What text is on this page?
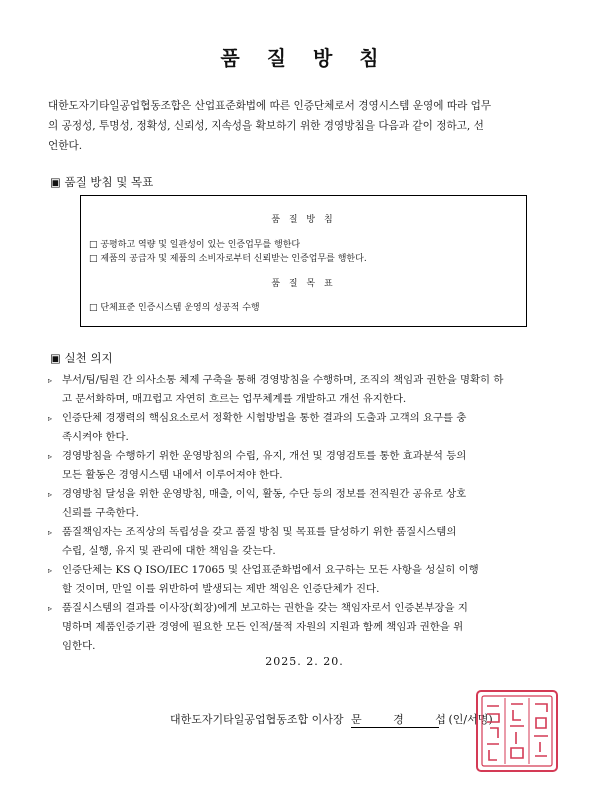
품 질 방 침
대한도자기타일공업협동조합은 산업표준화법에 따른 인증단체로서 경영시스템 운영에 따라 업무
의 공정성, 투명성, 정확성, 신뢰성, 지속성을 확보하기 위한 경영방침을 다음과 같이 정하고, 선
언한다.
▣ 품질 방침 및 목표
품 질 방 침
□ 공평하고 역량 및 일관성이 있는 인증업무를 행한다
□ 제품의 공급자 및 제품의 소비자로부터 신뢰받는 인증업무를 행한다.
품 질 목 표
□ 단체표준 인증시스템 운영의 성공적 수행
▣ 실천 의지
▹ 부서/팀/팀원 간 의사소통 체제 구축을 통해 경영방침을 수행하며, 조직의 책임과 권한을 명확히 하
고 문서화하며, 매끄럽고 자연히 흐르는 업무체계를 개발하고 개선 유지한다.
▹ 인증단체 경쟁력의 핵심요소로서 정확한 시험방법을 통한 결과의 도출과 고객의 요구를 충
족시켜야 한다.
▹ 경영방침을 수행하기 위한 운영방침의 수립, 유지, 개선 및 경영검토를 통한 효과분석 등의
모든 활동은 경영시스템 내에서 이루어져야 한다.
▹ 경영방침 달성을 위한 운영방침, 매출, 이익, 활동, 수단 등의 정보를 전직원간 공유로 상호
신뢰를 구축한다.
▹ 품질책임자는 조직상의 독립성을 갖고 품질 방침 및 목표를 달성하기 위한 품질시스템의
수립, 실행, 유지 및 관리에 대한 책임을 갖는다.
▹ 인증단체는 KS Q ISO/IEC 17065 및 산업표준화법에서 요구하는 모든 사항을 성실히 이행
할 것이며, 만일 이를 위반하여 발생되는 제반 책임은 인증단체가 진다.
▹ 품질시스템의 결과를 이사장(회장)에게 보고하는 권한을 갖는 책임자로서 인증본부장을 지
명하며 제품인증기관 경영에 필요한 모든 인적/물적 자원의 지원과 함께 책임과 권한을 위
임한다.
2025. 2. 20.
대한도자기타일공업협동조합 이사장 문 경 섭 (인/서명)
